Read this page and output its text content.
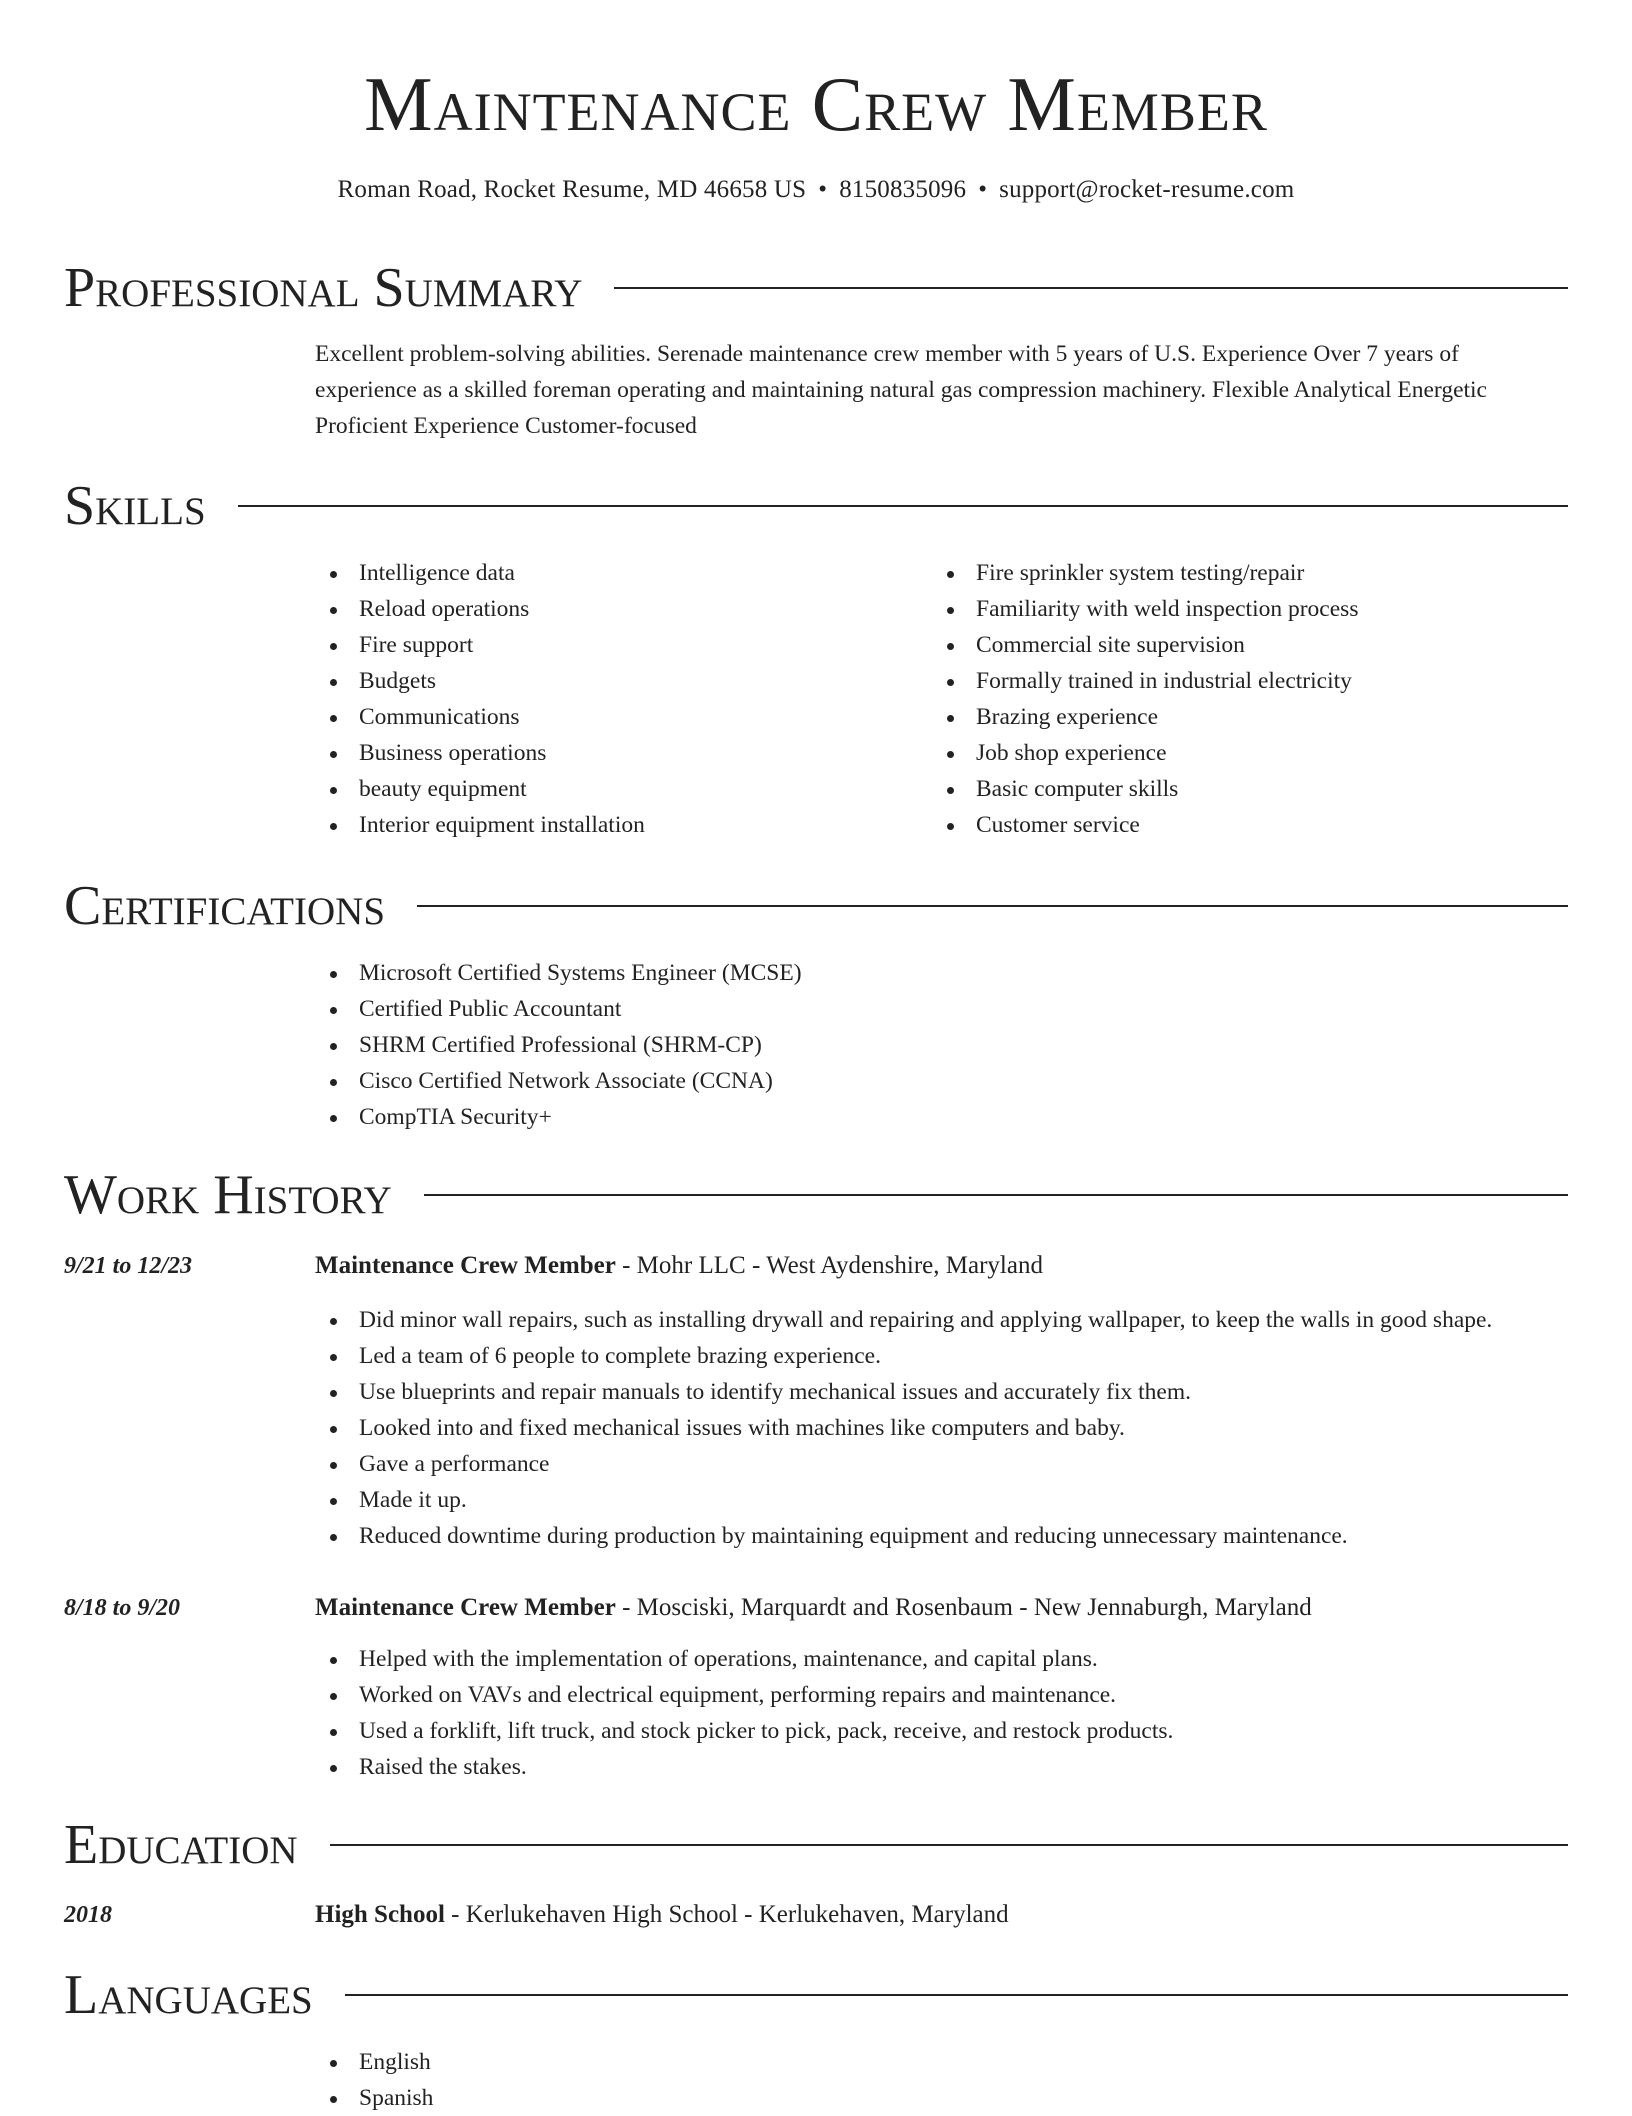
Maintenance Crew Member
Roman Road, Rocket Resume, MD 46658 US • 8150835096 • support@rocket-resume.com
Professional Summary
Excellent problem-solving abilities. Serenade maintenance crew member with 5 years of U.S. Experience Over 7 years of experience as a skilled foreman operating and maintaining natural gas compression machinery. Flexible Analytical Energetic Proficient Experience Customer-focused
Skills
Intelligence data
Reload operations
Fire support
Budgets
Communications
Business operations
beauty equipment
Interior equipment installation
Fire sprinkler system testing/repair
Familiarity with weld inspection process
Commercial site supervision
Formally trained in industrial electricity
Brazing experience
Job shop experience
Basic computer skills
Customer service
Certifications
Microsoft Certified Systems Engineer (MCSE)
Certified Public Accountant
SHRM Certified Professional (SHRM-CP)
Cisco Certified Network Associate (CCNA)
CompTIA Security+
Work History
9/21 to 12/23	Maintenance Crew Member - Mohr LLC - West Aydenshire, Maryland
Did minor wall repairs, such as installing drywall and repairing and applying wallpaper, to keep the walls in good shape.
Led a team of 6 people to complete brazing experience.
Use blueprints and repair manuals to identify mechanical issues and accurately fix them.
Looked into and fixed mechanical issues with machines like computers and baby.
Gave a performance
Made it up.
Reduced downtime during production by maintaining equipment and reducing unnecessary maintenance.
8/18 to 9/20	Maintenance Crew Member - Mosciski, Marquardt and Rosenbaum - New Jennaburgh, Maryland
Helped with the implementation of operations, maintenance, and capital plans.
Worked on VAVs and electrical equipment, performing repairs and maintenance.
Used a forklift, lift truck, and stock picker to pick, pack, receive, and restock products.
Raised the stakes.
Education
2018	High School - Kerlukehaven High School - Kerlukehaven, Maryland
Languages
English
Spanish
